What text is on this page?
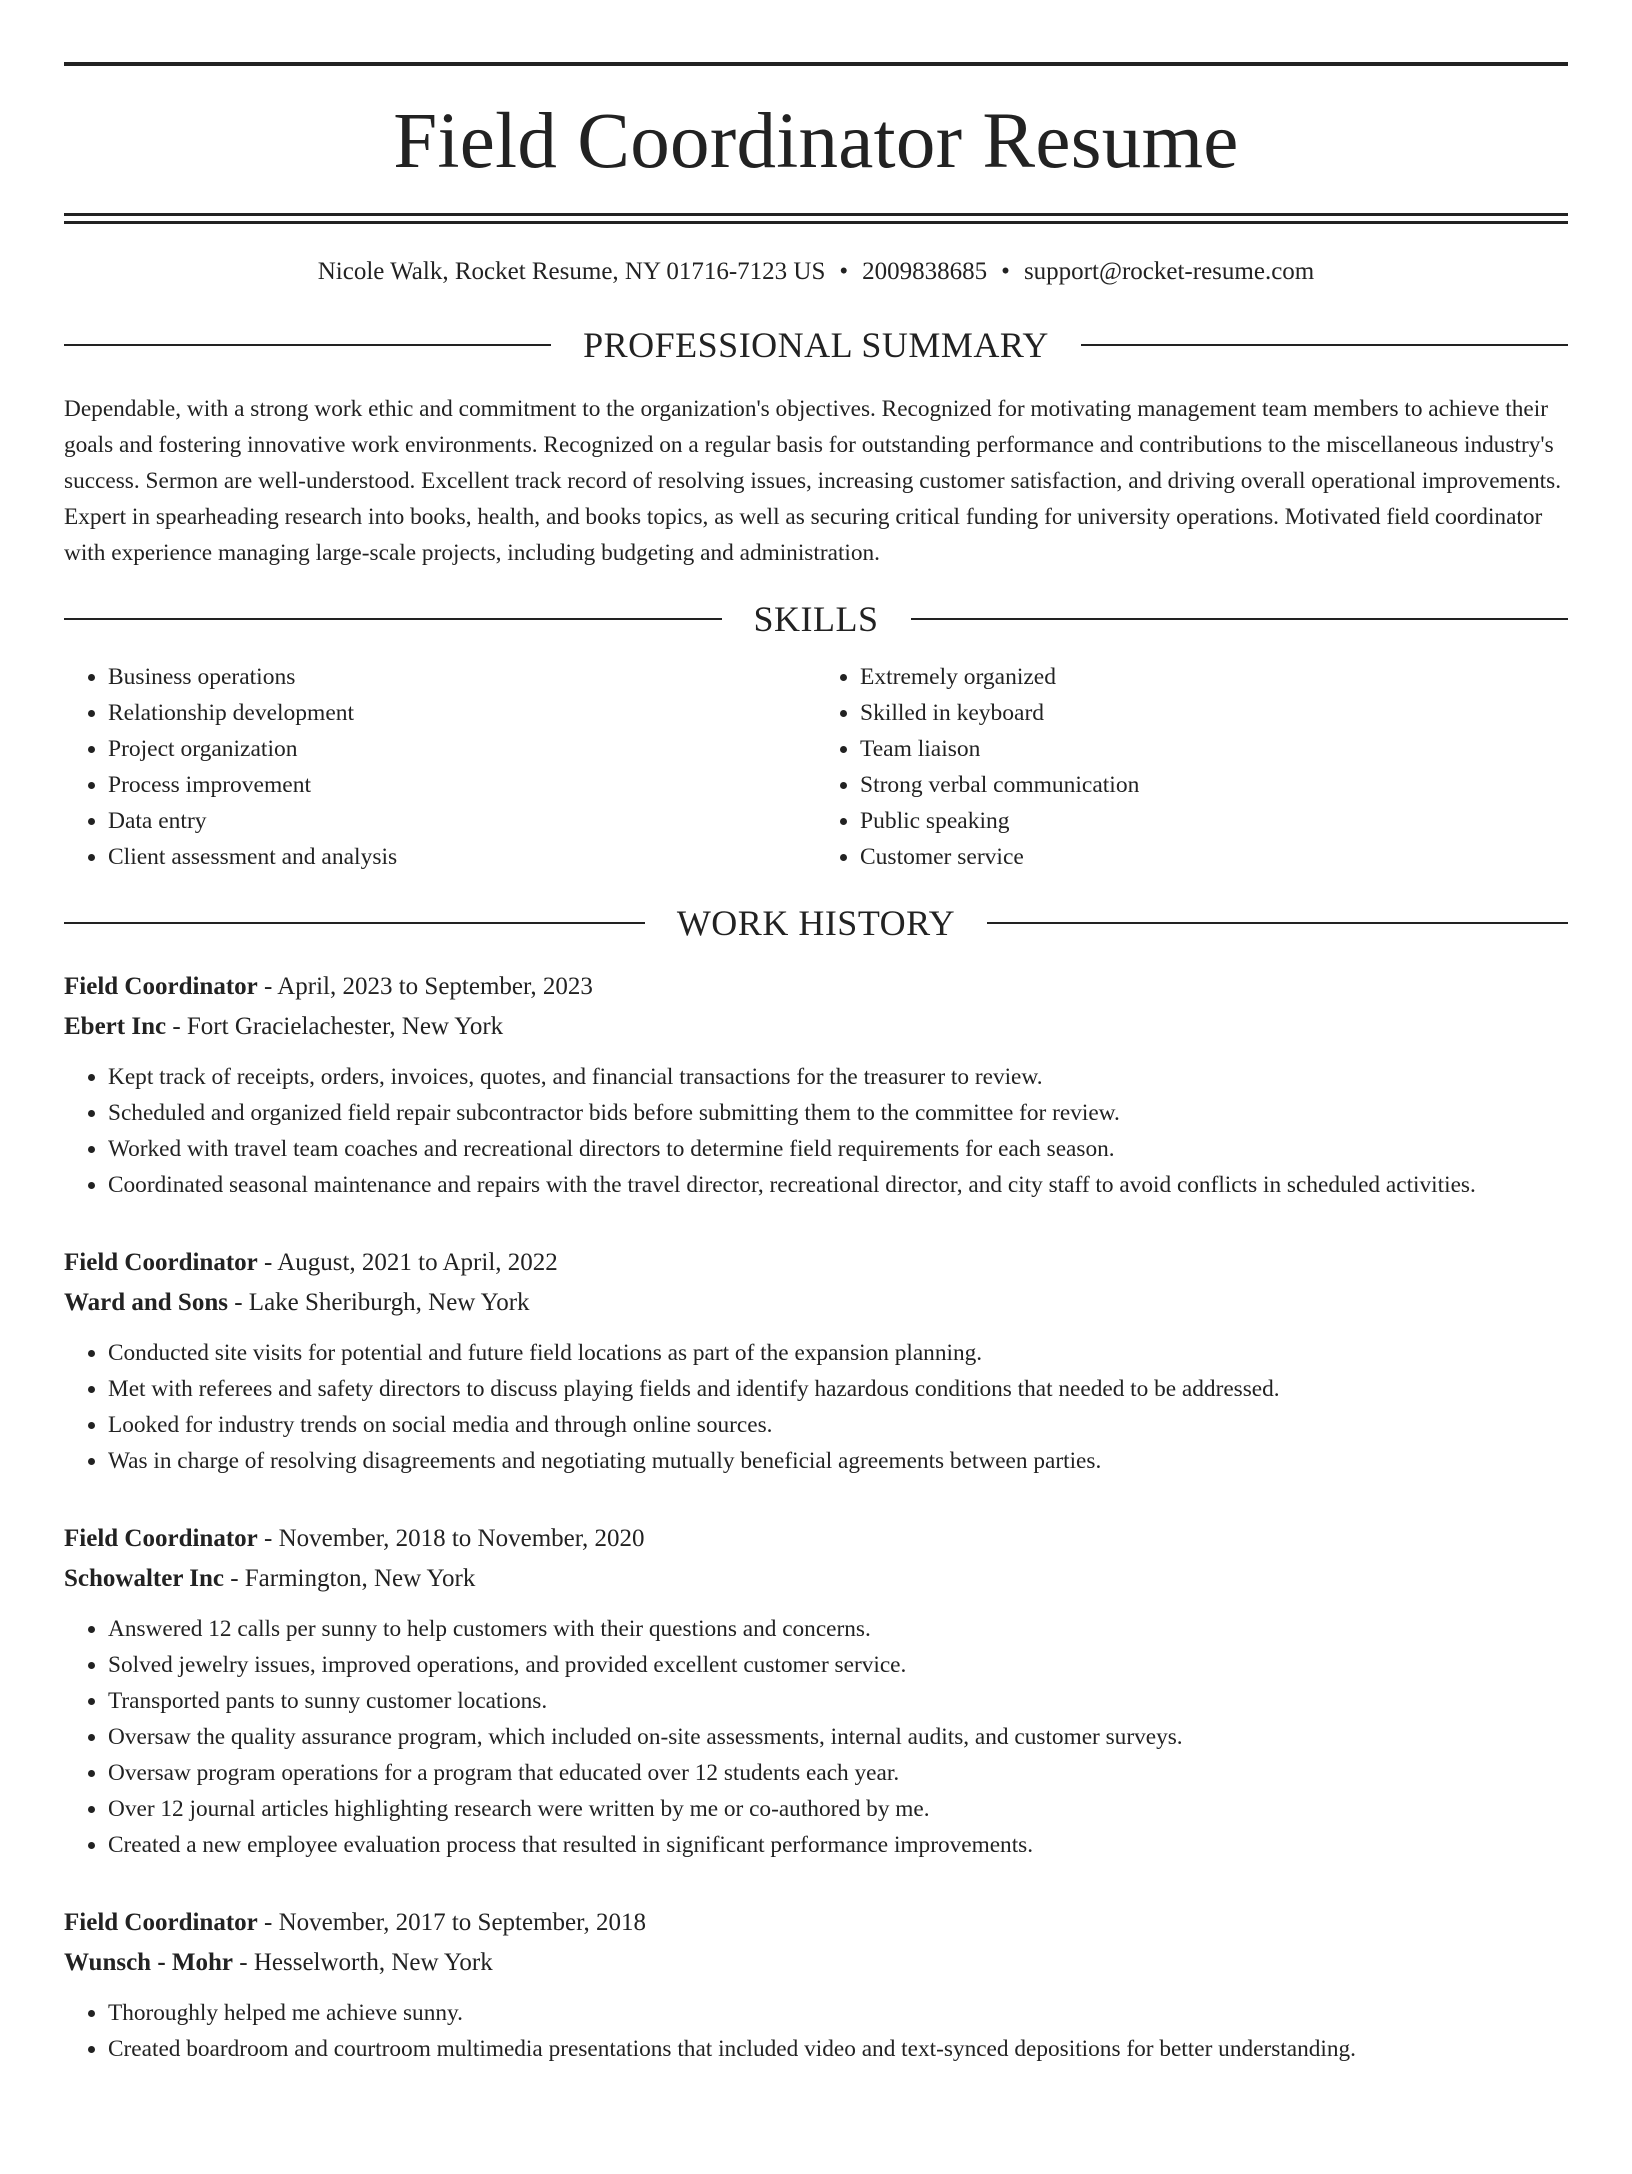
Field Coordinator Resume
Nicole Walk, Rocket Resume, NY 01716-7123 US • 2009838685 • support@rocket-resume.com
PROFESSIONAL SUMMARY

Dependable, with a strong work ethic and commitment to the organization's objectives. Recognized for motivating management team members to achieve their goals and fostering innovative work environments. Recognized on a regular basis for outstanding performance and contributions to the miscellaneous industry's success. Sermon are well-understood. Excellent track record of resolving issues, increasing customer satisfaction, and driving overall operational improvements. Expert in spearheading research into books, health, and books topics, as well as securing critical funding for university operations. Motivated field coordinator with experience managing large-scale projects, including budgeting and administration.

SKILLS
• Business operations
• Relationship development
• Project organization
• Process improvement
• Data entry
• Client assessment and analysis
• Extremely organized
• Skilled in keyboard
• Team liaison
• Strong verbal communication
• Public speaking
• Customer service
WORK HISTORY
Field Coordinator - April, 2023 to September, 2023
Ebert Inc - Fort Gracielachester, New York
• Kept track of receipts, orders, invoices, quotes, and financial transactions for the treasurer to review.
• Scheduled and organized field repair subcontractor bids before submitting them to the committee for review.
• Worked with travel team coaches and recreational directors to determine field requirements for each season.
• Coordinated seasonal maintenance and repairs with the travel director, recreational director, and city staff to avoid conflicts in scheduled activities.
Field Coordinator - August, 2021 to April, 2022
Ward and Sons - Lake Sheriburgh, New York
• Conducted site visits for potential and future field locations as part of the expansion planning.
• Met with referees and safety directors to discuss playing fields and identify hazardous conditions that needed to be addressed.
• Looked for industry trends on social media and through online sources.
• Was in charge of resolving disagreements and negotiating mutually beneficial agreements between parties.
Field Coordinator - November, 2018 to November, 2020
Schowalter Inc - Farmington, New York
• Answered 12 calls per sunny to help customers with their questions and concerns.
• Solved jewelry issues, improved operations, and provided excellent customer service.
• Transported pants to sunny customer locations.
• Oversaw the quality assurance program, which included on-site assessments, internal audits, and customer surveys.
• Oversaw program operations for a program that educated over 12 students each year.
• Over 12 journal articles highlighting research were written by me or co-authored by me.
• Created a new employee evaluation process that resulted in significant performance improvements.
Field Coordinator - November, 2017 to September, 2018
Wunsch - Mohr - Hesselworth, New York
• Thoroughly helped me achieve sunny.
• Created boardroom and courtroom multimedia presentations that included video and text-synced depositions for better understanding.
